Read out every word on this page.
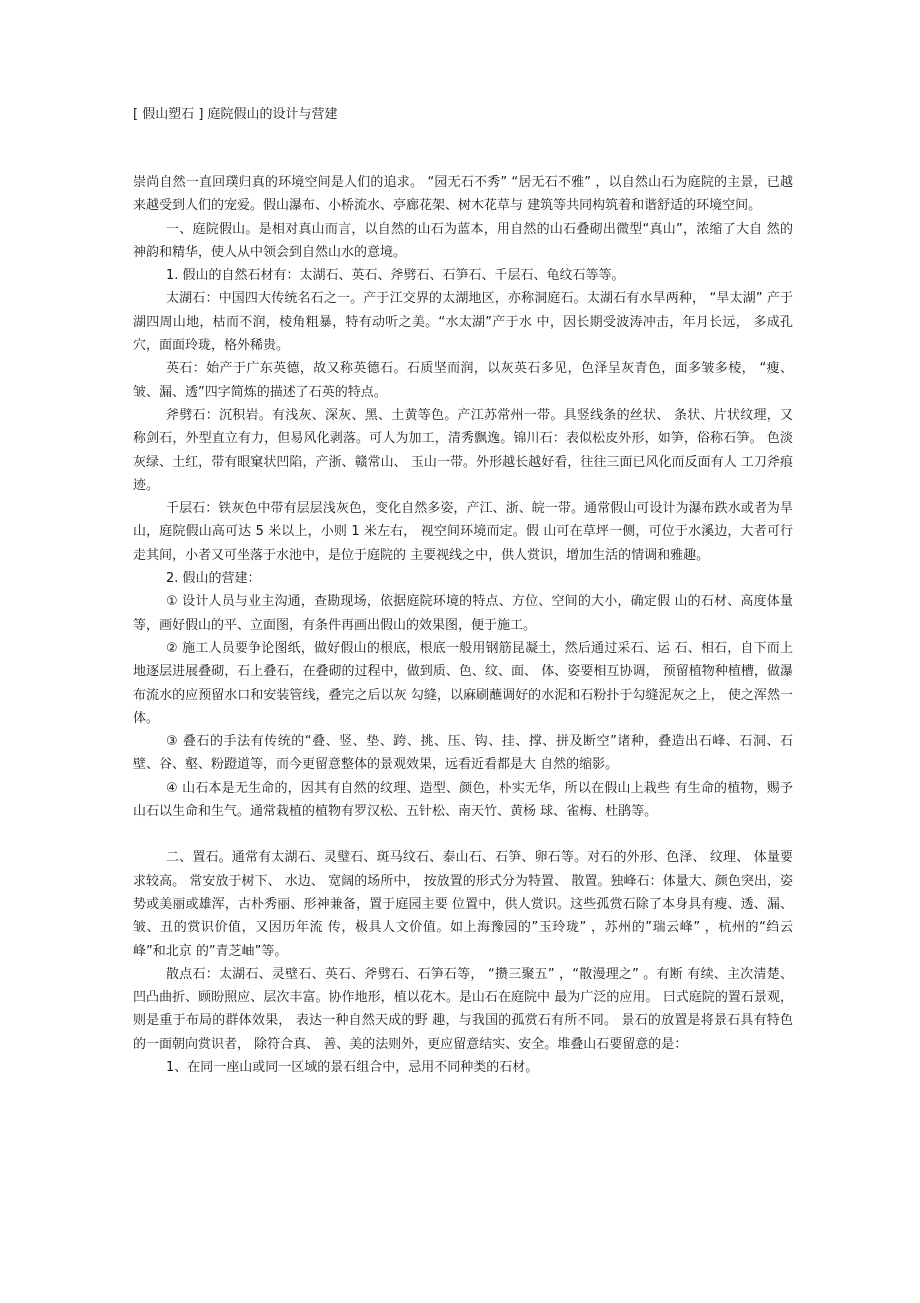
[ 假山塑石 ] 庭院假山的设计与营建

崇尚自然一直回璞归真的环境空间是人们的追求。 “园无石不秀” “居无石不雅” ，以自然山石为庭院的主景，已越来越受到人们的宠爱。假山瀑布、小桥流水、亭廊花架、树木花草与 建筑等共同构筑着和谐舒适的环境空间。

一、庭院假山。是相对真山而言，以自然的山石为蓝本，用自然的山石叠砌出微型“真山”，浓缩了大自 然的神韵和精华，使人从中领会到自然山水的意境。

1. 假山的自然石材有：太湖石、英石、斧劈石、石笋石、千层石、龟纹石等等。

太湖石：中国四大传统名石之一。产于江交界的太湖地区，亦称洞庭石。太湖石有水旱两种， “旱太湖” 产于湖四周山地，枯而不润，棱角粗暴，特有动听之美。“水太湖”产于水 中，因长期受波涛冲击，年月长远， 多成孔穴，面面玲珑，格外稀贵。

英石：始产于广东英德，故又称英德石。石质坚而润，以灰英石多见，色泽呈灰青色，面多皱多棱， “瘦、 皱、漏、透”四字简炼的描述了石英的特点。

斧劈石：沉积岩。有浅灰、深灰、黑、土黄等色。产江苏常州一带。具竖线条的丝状、 条状、片状纹理，又称剑石，外型直立有力，但易风化剥落。可人为加工，清秀飘逸。锦川石：表似松皮外形，如笋，俗称石笋。 色淡灰绿、土红，带有眼窠状凹陷，产浙、赣常山、 玉山一带。外形越长越好看，往往三面已风化而反面有人 工刀斧痕迹。

千层石：铁灰色中带有层层浅灰色，变化自然多姿，产江、浙、皖一带。通常假山可设计为瀑布跌水或者为旱山，庭院假山高可达 5 米以上，小则 1 米左右， 视空间环境而定。假 山可在草坪一侧，可位于水溪边，大者可行走其间，小者又可坐落于水池中，是位于庭院的 主要视线之中，供人赏识，增加生活的情调和雅趣。

2. 假山的营建：

① 设计人员与业主沟通，查勘现场，依据庭院环境的特点、方位、空间的大小，确定假 山的石材、高度体量等，画好假山的平、立面图，有条件再画出假山的效果图，便于施工。

② 施工人员要争论图纸，做好假山的根底，根底一般用钢筋昆凝土，然后通过采石、运 石、相石，自下而上地逐层进展叠砌，石上叠石，在叠砌的过程中，做到质、色、纹、面、 体、姿要相互协调， 预留植物种植槽，做瀑布流水的应预留水口和安装管线，叠完之后以灰 勾缝，以麻刷蘸调好的水泥和石粉扑于勾缝泥灰之上， 使之浑然一体。

③ 叠石的手法有传统的“叠、竖、垫、跨、挑、压、钩、挂、撑、拼及断空”诸种，叠造出石峰、石洞、石壁、谷、壑、粉蹬道等，而今更留意整体的景观效果，远看近看都是大 自然的缩影。

④ 山石本是无生命的，因其有自然的纹理、造型、颜色，朴实无华，所以在假山上栽些 有生命的植物，赐予山石以生命和生气。通常栽植的植物有罗汉松、五针松、南天竹、黄杨 球、雀梅、杜鹃等。

二、置石。通常有太湖石、灵璧石、斑马纹石、泰山石、石笋、卵石等。对石的外形、色泽、 纹理、 体量要求较高。 常安放于树下、 水边、 宽阔的场所中， 按放置的形式分为特置、 散置。独峰石：体量大、颜色突出，姿势或美丽或雄浑，古朴秀丽、形神兼备，置于庭园主要 位置中，供人赏识。这些孤赏石除了本身具有瘦、透、漏、皱、丑的赏识价值，又因历年流 传，极具人文价值。如上海豫园的”玉玲珑” ，苏州的”瑞云峰” ，杭州的“绉云峰”和北京 的”青芝岫”等。

散点石：太湖石、灵壁石、英石、斧劈石、石笋石等， “攒三聚五” ，“散漫理之” 。有断 有续、主次清楚、凹凸曲折、顾盼照应、层次丰富。协作地形，植以花木。是山石在庭院中 最为广泛的应用。 曰式庭院的置石景观， 则是重于布局的群体效果， 表达一种自然天成的野 趣，与我国的孤赏石有所不同。 景石的放置是将景石具有特色的一面朝向赏识者， 除符合真、 善、美的法则外，更应留意结实、安全。堆叠山石要留意的是：

1、在同一座山或同一区域的景石组合中，忌用不同种类的石材。
